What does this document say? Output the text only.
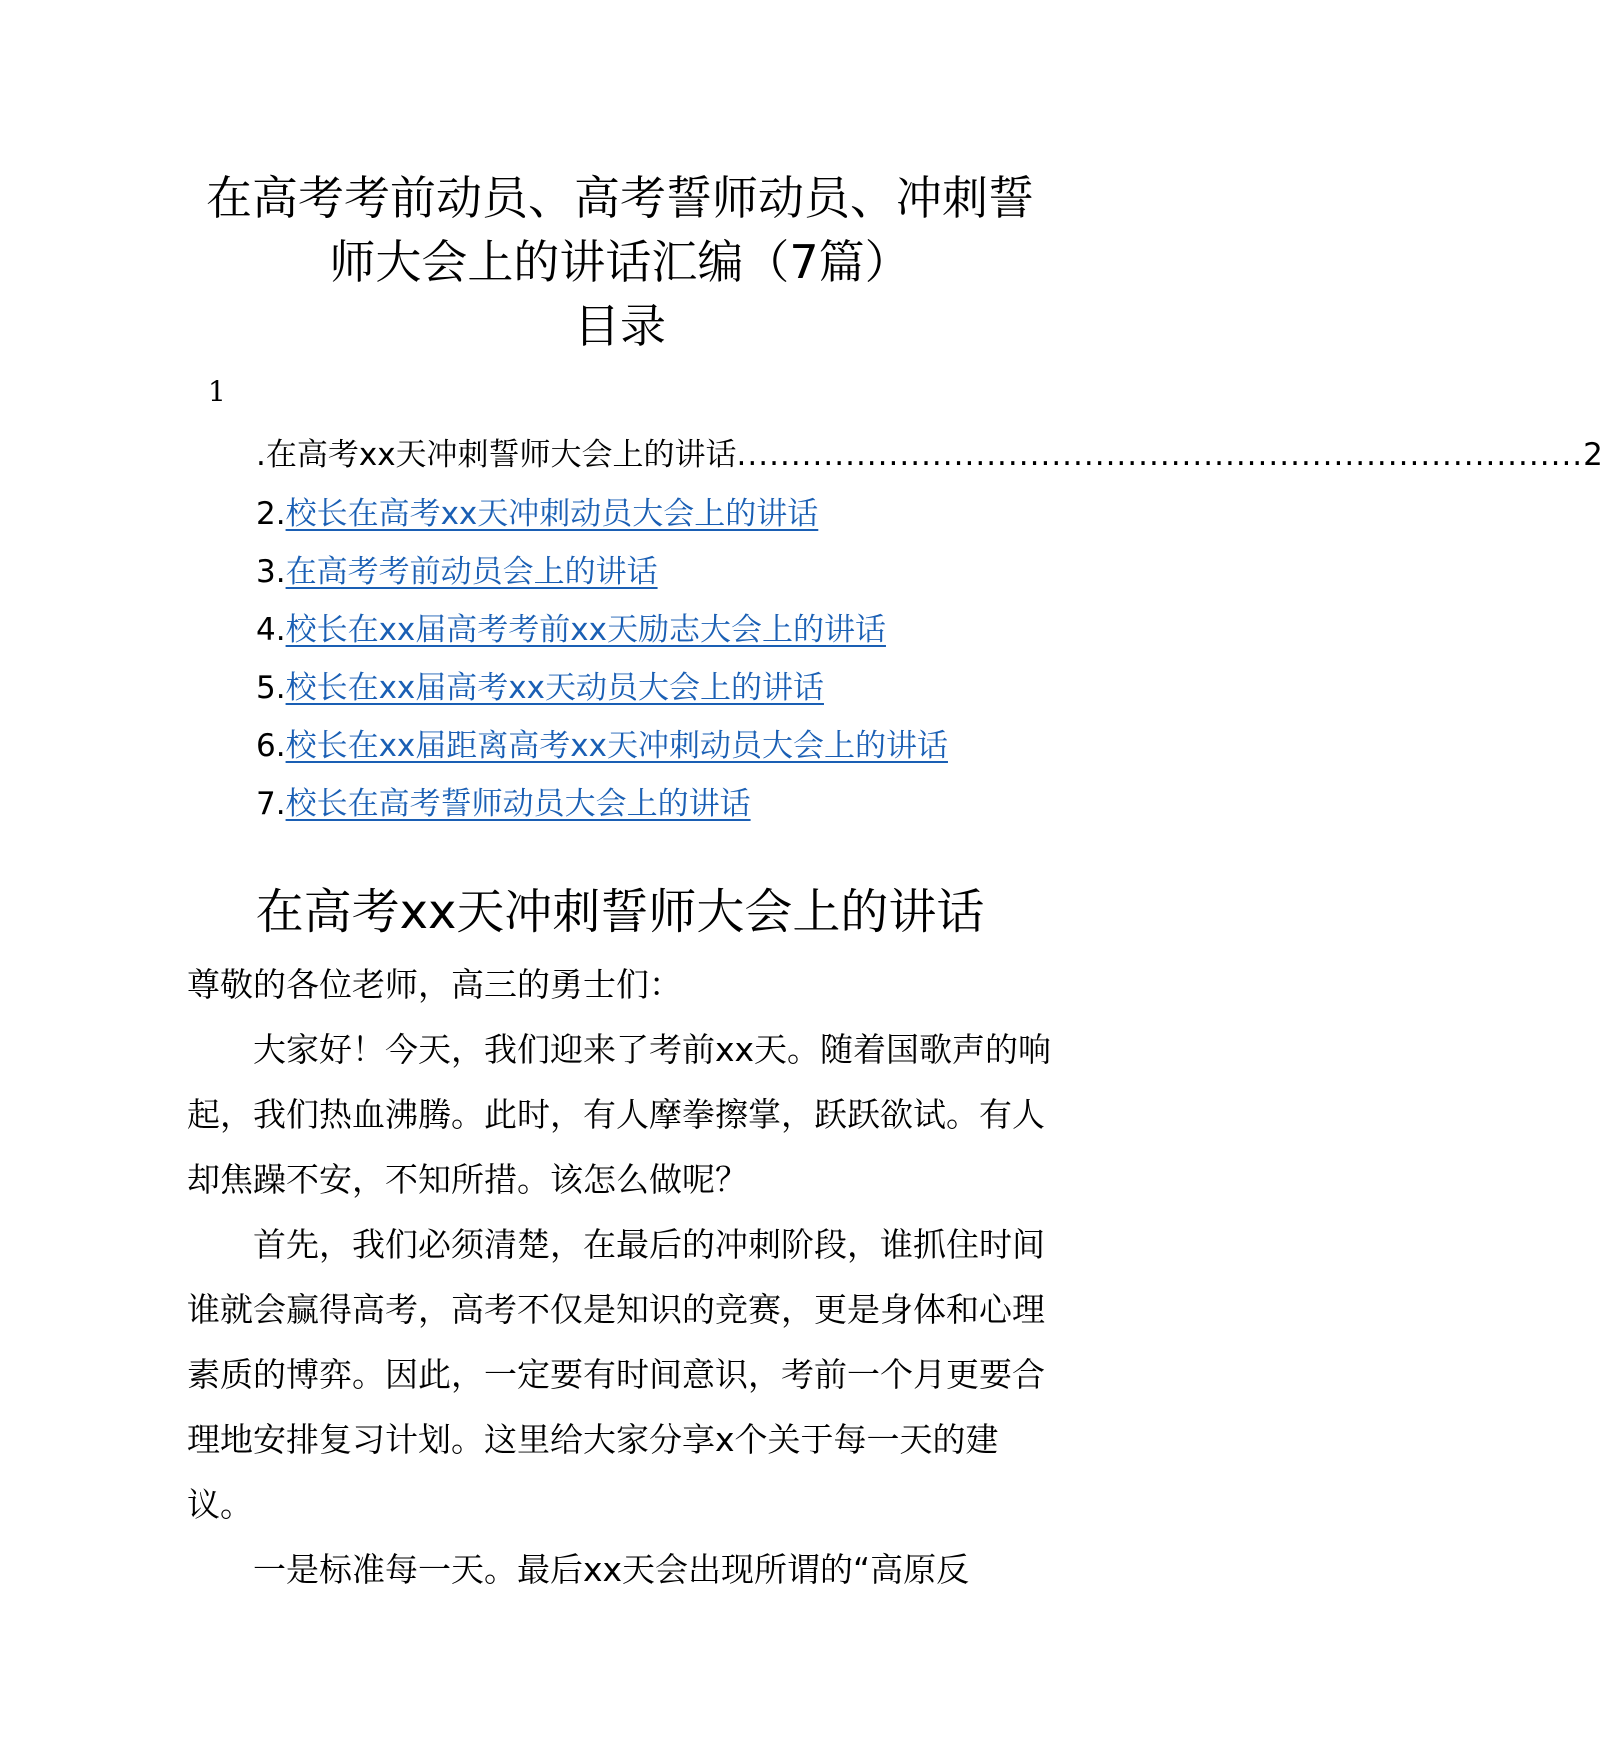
在高考考前动员、高考誓师动员、冲刺誓
师大会上的讲话汇编（7篇）
目录
1
.在高考xx天冲刺誓师大会上的讲话 .............................................................................. 2
2.校长在高考xx天冲刺动员大会上的讲话
3.在高考考前动员会上的讲话
4.校长在xx届高考考前xx天励志大会上的讲话
5.校长在xx届高考xx天动员大会上的讲话
6.校长在xx届距离高考xx天冲刺动员大会上的讲话
7.校长在高考誓师动员大会上的讲话
在高考xx天冲刺誓师大会上的讲话

尊敬的各位老师，高三的勇士们：

大家好！今天，我们迎来了考前xx天。随着国歌声的响起，我们热血沸腾。此时，有人摩拳擦掌，跃跃欲试。有人却焦躁不安，不知所措。该怎么做呢？

首先，我们必须清楚，在最后的冲刺阶段，谁抓住时间谁就会赢得高考，高考不仅是知识的竞赛，更是身体和心理素质的博弈。因此，一定要有时间意识，考前一个月更要合理地安排复习计划。这里给大家分享x个关于每一天的建议。

一是标准每一天。最后xx天会出现所谓的“高原反
